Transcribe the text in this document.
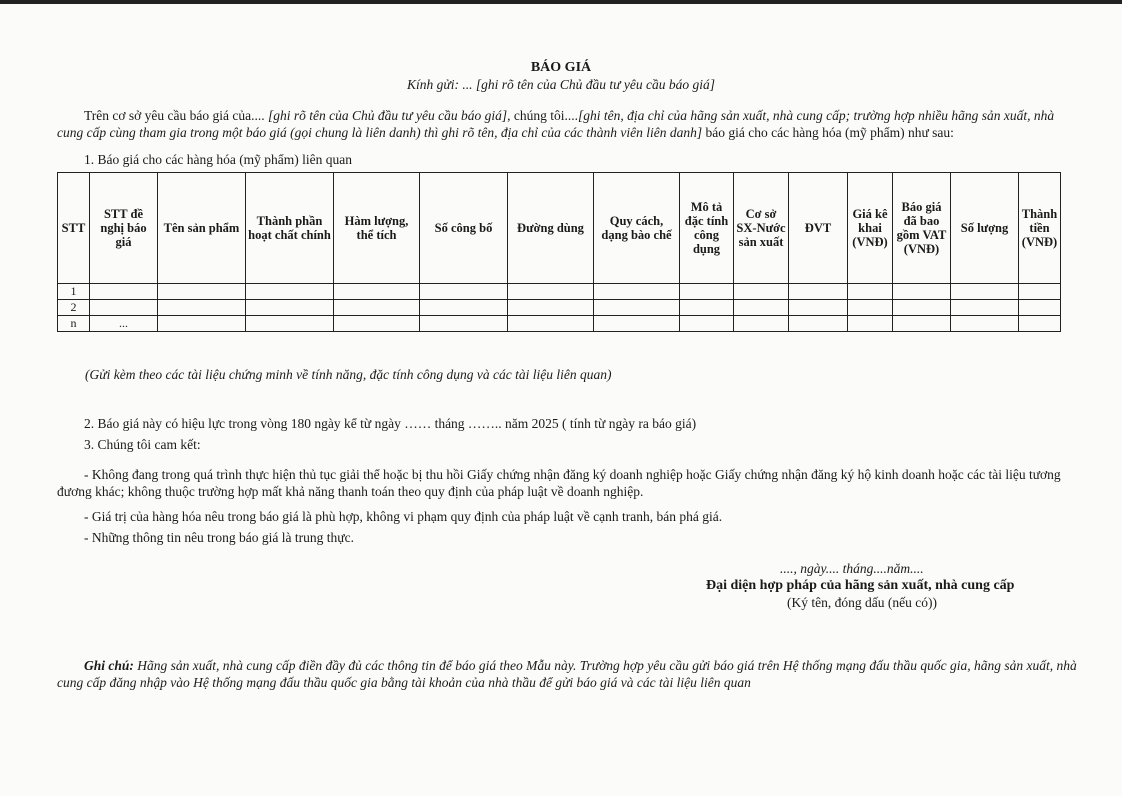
BÁO GIÁ
Kính gửi: ... [ghi rõ tên của Chủ đầu tư yêu cầu báo giá]
Trên cơ sở yêu cầu báo giá của.... [ghi rõ tên của Chủ đầu tư yêu cầu báo giá], chúng tôi....[ghi tên, địa chỉ của hãng sản xuất, nhà cung cấp; trường hợp nhiều hãng sản xuất, nhà cung cấp cùng tham gia trong một báo giá (gọi chung là liên danh) thì ghi rõ tên, địa chỉ của các thành viên liên danh] báo giá cho các hàng hóa (mỹ phẩm) như sau:
1. Báo giá cho các hàng hóa (mỹ phẩm) liên quan
STT	STT đề nghị báo giá	Tên sản phẩm	Thành phần hoạt chất chính	Hàm lượng, thể tích	Số công bố	Đường dùng	Quy cách, dạng bào chế	Mô tả đặc tính công dụng	Cơ sở SX-Nước sản xuất	ĐVT	Giá kê khai (VNĐ)	Báo giá đã bao gồm VAT (VNĐ)	Số lượng	Thành tiền (VNĐ)
1														
2														
n	...													
(Gửi kèm theo các tài liệu chứng minh về tính năng, đặc tính công dụng và các tài liệu liên quan)
2. Báo giá này có hiệu lực trong vòng 180 ngày kể từ ngày …… tháng …….. năm 2025 ( tính từ ngày ra báo giá)
3. Chúng tôi cam kết:
- Không đang trong quá trình thực hiện thủ tục giải thể hoặc bị thu hồi Giấy chứng nhận đăng ký doanh nghiệp hoặc Giấy chứng nhận đăng ký hộ kinh doanh hoặc các tài liệu tương đương khác; không thuộc trường hợp mất khả năng thanh toán theo quy định của pháp luật về doanh nghiệp.
- Giá trị của hàng hóa nêu trong báo giá là phù hợp, không vi phạm quy định của pháp luật về cạnh tranh, bán phá giá.
- Những thông tin nêu trong báo giá là trung thực.
...., ngày.... tháng....năm....
Đại diện hợp pháp của hãng sản xuất, nhà cung cấp
(Ký tên, đóng dấu (nếu có))
Ghi chú: Hãng sản xuất, nhà cung cấp điền đầy đủ các thông tin để báo giá theo Mẫu này. Trường hợp yêu cầu gửi báo giá trên Hệ thống mạng đấu thầu quốc gia, hãng sản xuất, nhà cung cấp đăng nhập vào Hệ thống mạng đấu thầu quốc gia bằng tài khoản của nhà thầu để gửi báo giá và các tài liệu liên quan
